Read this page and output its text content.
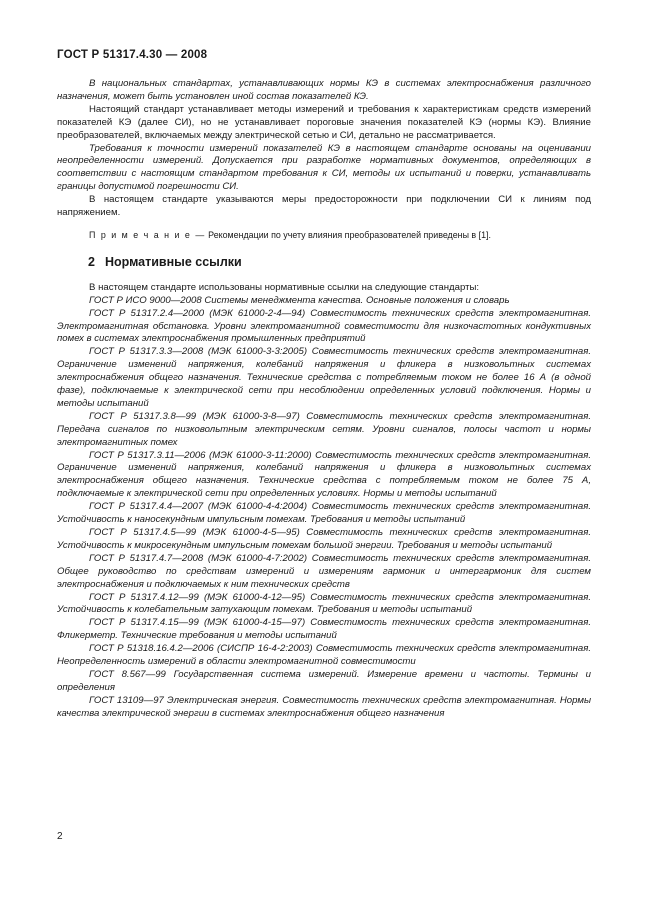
ГОСТ Р 51317.4.30 — 2008

В национальных стандартах, устанавливающих нормы КЭ в системах электроснабжения различного назначения, может быть установлен иной состав показателей КЭ.

Настоящий стандарт устанавливает методы измерений и требования к характеристикам средств измерений показателей КЭ (далее СИ), но не устанавливает пороговые значения показателей КЭ (нормы КЭ). Влияние преобразователей, включаемых между электрической сетью и СИ, детально не рассматривается.

Требования к точности измерений показателей КЭ в настоящем стандарте основаны на оценивании неопределенности измерений. Допускается при разработке нормативных документов, определяющих в соответствии с настоящим стандартом требования к СИ, методы их испытаний и поверки, устанавливать границы допустимой погрешности СИ.

В настоящем стандарте указываются меры предосторожности при подключении СИ к линиям под напряжением.

П р и м е ч а н и е — Рекомендации по учету влияния преобразователей приведены в [1].

2 Нормативные ссылки

В настоящем стандарте использованы нормативные ссылки на следующие стандарты:

ГОСТ Р ИСО 9000—2008 Системы менеджмента качества. Основные положения и словарь

ГОСТ Р 51317.2.4—2000 (МЭК 61000-2-4—94) Совместимость технических средств электромагнитная. Электромагнитная обстановка. Уровни электромагнитной совместимости для низкочастотных кондуктивных помех в системах электроснабжения промышленных предприятий

ГОСТ Р 51317.3.3—2008 (МЭК 61000-3-3:2005) Совместимость технических средств электромагнитная. Ограничение изменений напряжения, колебаний напряжения и фликера в низковольтных системах электроснабжения общего назначения. Технические средства с потребляемым током не более 16 А (в одной фазе), подключаемые к электрической сети при несоблюдении определенных условий подключения. Нормы и методы испытаний

ГОСТ Р 51317.3.8—99 (МЭК 61000-3-8—97) Совместимость технических средств электромагнитная. Передача сигналов по низковольтным электрическим сетям. Уровни сигналов, полосы частот и нормы электромагнитных помех

ГОСТ Р 51317.3.11—2006 (МЭК 61000-3-11:2000) Совместимость технических средств электромагнитная. Ограничение изменений напряжения, колебаний напряжения и фликера в низковольтных системах электроснабжения общего назначения. Технические средства с потребляемым током не более 75 А, подключаемые к электрической сети при определенных условиях. Нормы и методы испытаний

ГОСТ Р 51317.4.4—2007 (МЭК 61000-4-4:2004) Совместимость технических средств электромагнитная. Устойчивость к наносекундным импульсным помехам. Требования и методы испытаний

ГОСТ Р 51317.4.5—99 (МЭК 61000-4-5—95) Совместимость технических средств электромагнитная. Устойчивость к микросекундным импульсным помехам большой энергии. Требования и методы испытаний

ГОСТ Р 51317.4.7—2008 (МЭК 61000-4-7:2002) Совместимость технических средств электромагнитная. Общее руководство по средствам измерений и измерениям гармоник и интергармоник для систем электроснабжения и подключаемых к ним технических средств

ГОСТ Р 51317.4.12—99 (МЭК 61000-4-12—95) Совместимость технических средств электромагнитная. Устойчивость к колебательным затухающим помехам. Требования и методы испытаний

ГОСТ Р 51317.4.15—99 (МЭК 61000-4-15—97) Совместимость технических средств электромагнитная. Фликерметр. Технические требования и методы испытаний

ГОСТ Р 51318.16.4.2—2006 (СИСПР 16-4-2:2003) Совместимость технических средств электромагнитная. Неопределенность измерений в области электромагнитной совместимости

ГОСТ 8.567—99 Государственная система измерений. Измерение времени и частоты. Термины и определения

ГОСТ 13109—97 Электрическая энергия. Совместимость технических средств электромагнитная. Нормы качества электрической энергии в системах электроснабжения общего назначения

2
